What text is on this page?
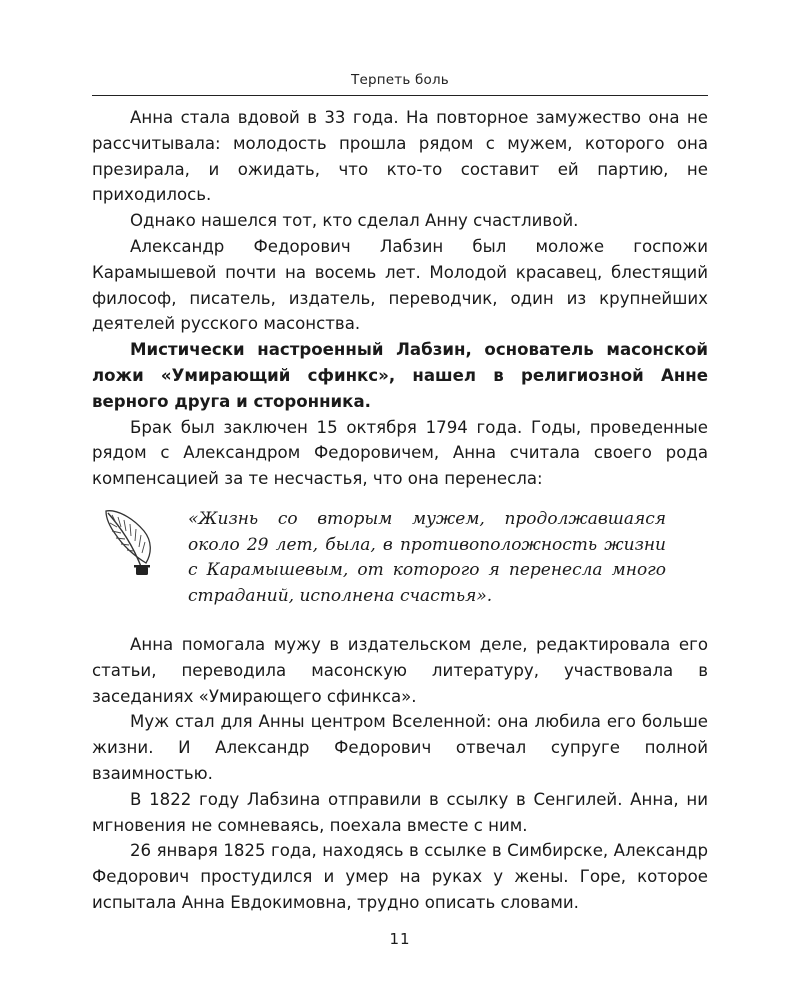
Терпеть боль

Анна стала вдовой в 33 года. На повторное замужество она не рассчитывала: молодость прошла рядом с мужем, которого она презирала, и ожидать, что кто-то составит ей партию, не приходилось.

Однако нашелся тот, кто сделал Анну счастливой.

Александр Федорович Лабзин был моложе госпожи Карамышевой почти на восемь лет. Молодой красавец, блестящий философ, писатель, издатель, переводчик, один из крупнейших деятелей русского масонства.

Мистически настроенный Лабзин, основатель масонской ложи «Умирающий сфинкс», нашел в религиозной Анне верного друга и сторонника.

Брак был заключен 15 октября 1794 года. Годы, проведенные рядом с Александром Федоровичем, Анна считала своего рода компенсацией за те несчастья, что она перенесла:

«Жизнь со вторым мужем, продолжавшаяся около 29 лет, была, в противоположность жизни с Карамышевым, от которого я перенесла много страданий, исполнена счастья».

Анна помогала мужу в издательском деле, редактировала его статьи, переводила масонскую литературу, участвовала в заседаниях «Умирающего сфинкса».

Муж стал для Анны центром Вселенной: она любила его больше жизни. И Александр Федорович отвечал супруге полной взаимностью.

В 1822 году Лабзина отправили в ссылку в Сенгилей. Анна, ни мгновения не сомневаясь, поехала вместе с ним.

26 января 1825 года, находясь в ссылке в Симбирске, Александр Федорович простудился и умер на руках у жены. Горе, которое испытала Анна Евдокимовна, трудно описать словами.

11
